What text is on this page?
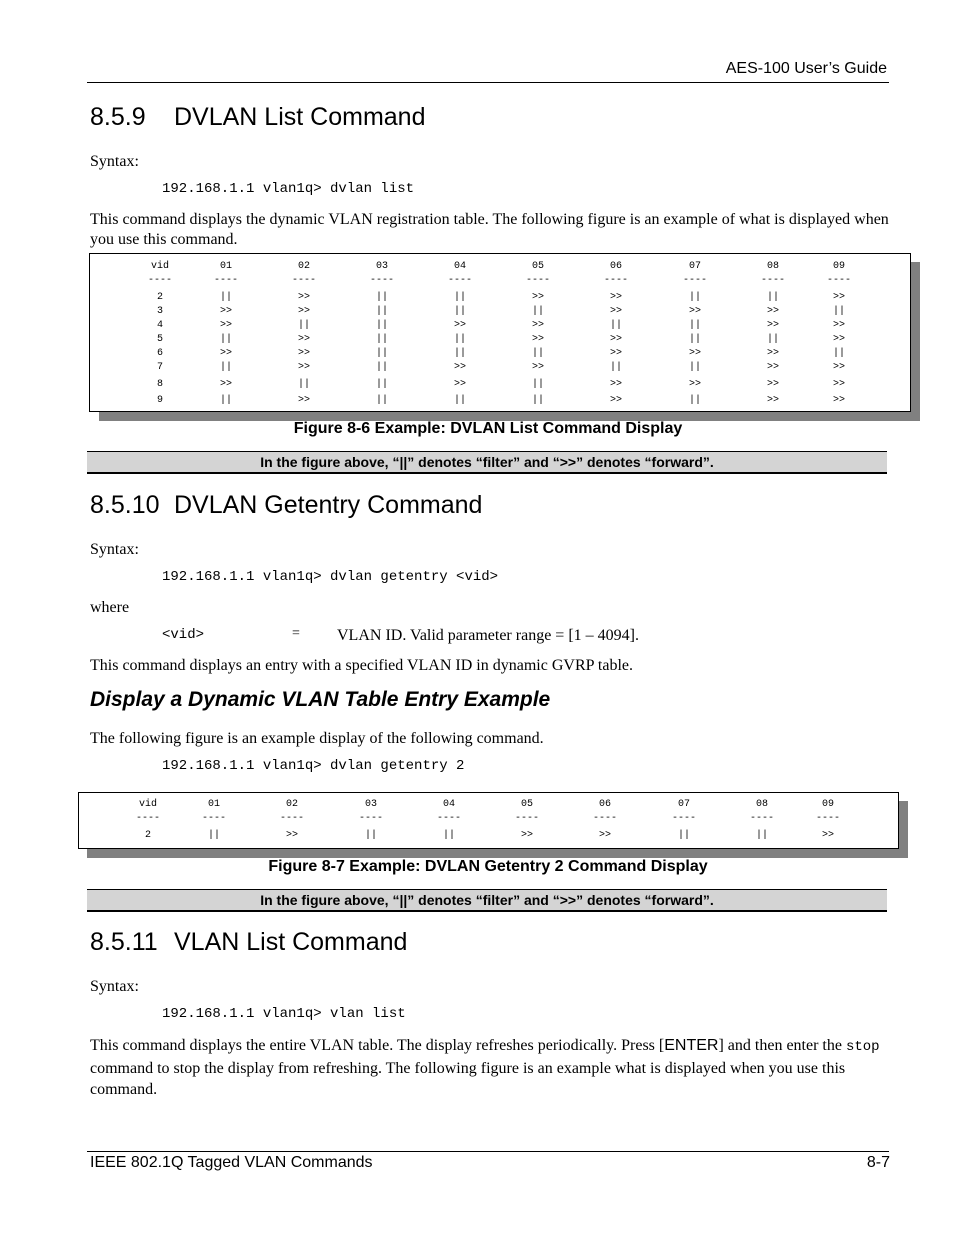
AES-100 User’s Guide
8.5.9 DVLAN List Command
Syntax:
192.168.1.1 vlan1q> dvlan list
This command displays the dynamic VLAN registration table. The following figure is an example of what is displayed when you use this command.
vid	01	02	03	04	05	06	07	08	09
----	----	----	----	----	----	----	----	----	----
2	||	>>	||	||	>>	>>	||	||	>>
3	>>	>>	||	||	||	>>	>>	>>	||
4	>>	||	||	>>	>>	||	||	>>	>>
5	||	>>	||	||	>>	>>	||	||	>>
6	>>	>>	||	||	||	>>	>>	>>	||
7	||	>>	||	>>	>>	||	||	>>	>>
8	>>	||	||	>>	||	>>	>>	>>	>>
9	||	>>	||	||	||	>>	||	>>	>>
Figure 8-6 Example: DVLAN List Command Display
In the figure above, “||” denotes “filter” and “>>” denotes “forward”.
8.5.10 DVLAN Getentry Command
Syntax:
192.168.1.1 vlan1q> dvlan getentry <vid>
where
<vid>	= VLAN ID. Valid parameter range = [1 – 4094].
This command displays an entry with a specified VLAN ID in dynamic GVRP table.
Display a Dynamic VLAN Table Entry Example
The following figure is an example display of the following command.
192.168.1.1 vlan1q> dvlan getentry 2
vid	01	02	03	04	05	06	07	08	09
----	----	----	----	----	----	----	----	----	----
2	||	>>	||	||	>>	>>	||	||	>>
Figure 8-7 Example: DVLAN Getentry 2 Command Display
In the figure above, “||” denotes “filter” and “>>” denotes “forward”.
8.5.11 VLAN List Command
Syntax:
192.168.1.1 vlan1q> vlan list
This command displays the entire VLAN table. The display refreshes periodically. Press [ENTER] and then enter the stop command to stop the display from refreshing. The following figure is an example what is displayed when you use this command.
IEEE 802.1Q Tagged VLAN Commands	8-7
